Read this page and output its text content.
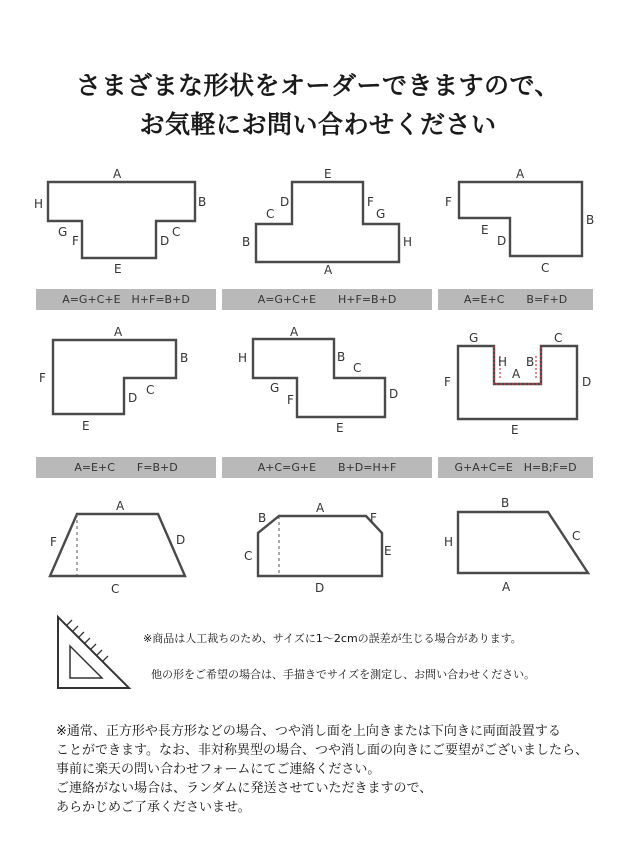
さまざまな形状をオーダーできますので、
お気軽にお問い合わせください
A
B
C
D
E
F
G
H
E
F
G
H
A
B
C
D
A
B
C
D
E
F
A
B
C
D
E
F
A
B
C
D
E
F
G
H
G
H
A
B
C
D
E
F
A
D
C
F
B
A
F
E
D
C
B
C
A
H
A=G+C+E　H+F=B+D	A=G+C+E　　H+F=B+D	A=E+C　　B=F+D
A=E+C　　F=B+D	A+C=G+E　　B+D=H+F	G+A+C=E　H=B;F=D
※商品は人工裁ちのため、サイズに1～2cmの誤差が生じる場合があります。
他の形をご希望の場合は、手描きでサイズを測定し、お問い合わせください。
※通常、正方形や長方形などの場合、つや消し面を上向きまたは下向きに両面設置する
ことができます。なお、非対称異型の場合、つや消し面の向きにご要望がございましたら、
事前に楽天の問い合わせフォームにてご連絡ください。
ご連絡がない場合は、ランダムに発送させていただきますので、
あらかじめご了承くださいませ。
